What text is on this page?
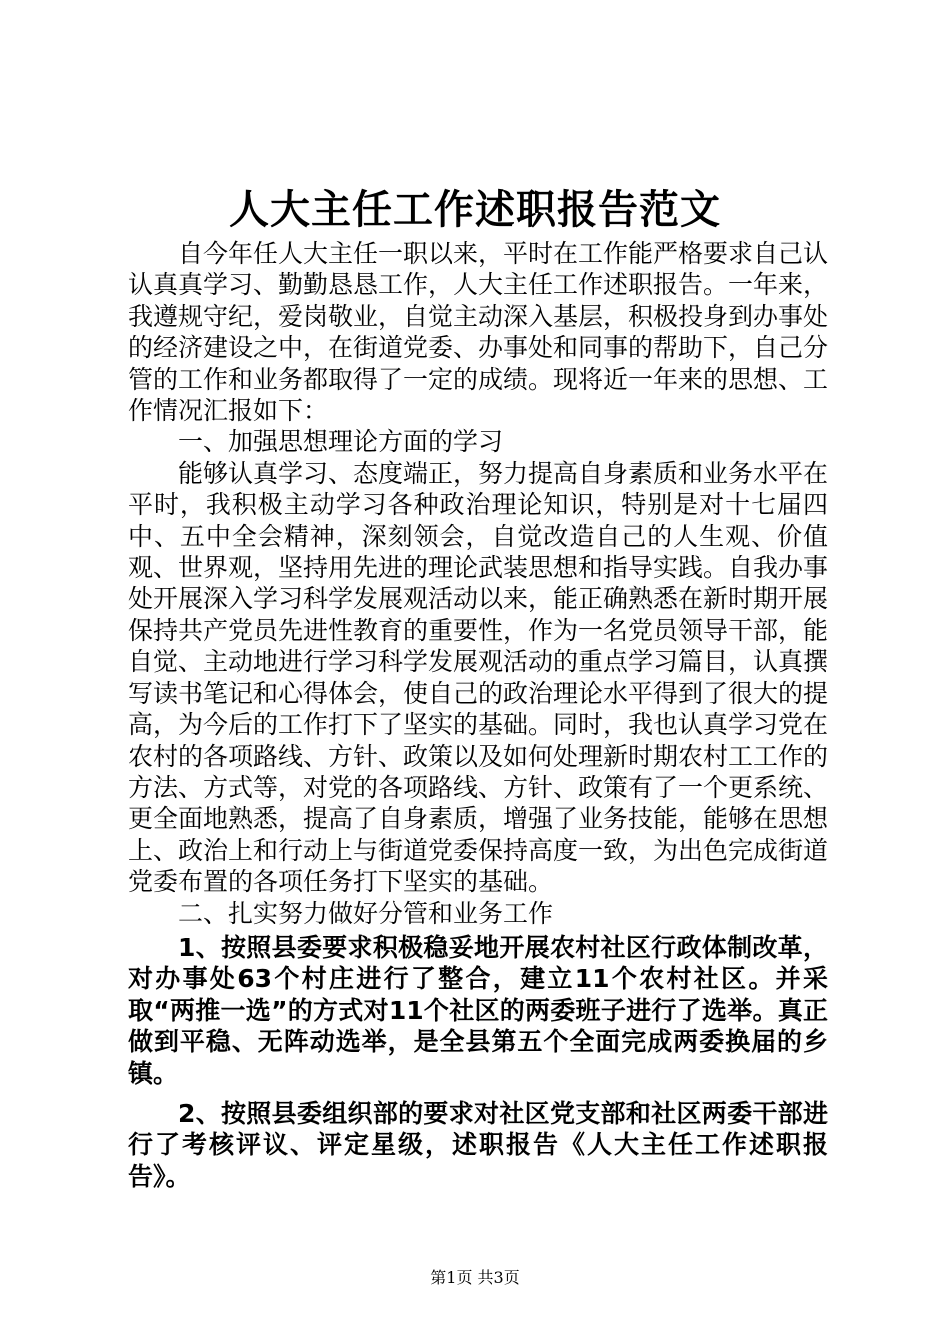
人大主任工作述职报告范文

自今年任人大主任一职以来，平时在工作能严格要求自己认认真真学习、勤勤恳恳工作，人大主任工作述职报告。一年来，我遵规守纪，爱岗敬业，自觉主动深入基层，积极投身到办事处的经济建设之中，在街道党委、办事处和同事的帮助下，自己分管的工作和业务都取得了一定的成绩。现将近一年来的思想、工作情况汇报如下：

一、加强思想理论方面的学习

能够认真学习、态度端正，努力提高自身素质和业务水平在平时，我积极主动学习各种政治理论知识，特别是对十七届四中、五中全会精神，深刻领会，自觉改造自己的人生观、价值观、世界观，坚持用先进的理论武装思想和指导实践。自我办事处开展深入学习科学发展观活动以来，能正确熟悉在新时期开展保持共产党员先进性教育的重要性，作为一名党员领导干部，能自觉、主动地进行学习科学发展观活动的重点学习篇目，认真撰写读书笔记和心得体会，使自己的政治理论水平得到了很大的提高，为今后的工作打下了坚实的基础。同时，我也认真学习党在农村的各项路线、方针、政策以及如何处理新时期农村工工作的方法、方式等，对党的各项路线、方针、政策有了一个更系统、更全面地熟悉，提高了自身素质，增强了业务技能，能够在思想上、政治上和行动上与街道党委保持高度一致，为出色完成街道党委布置的各项任务打下坚实的基础。

二、扎实努力做好分管和业务工作

1、按照县委要求积极稳妥地开展农村社区行政体制改革，对办事处63个村庄进行了整合，建立11个农村社区。并采取“两推一选”的方式对11个社区的两委班子进行了选举。真正做到平稳、无阵动选举，是全县第五个全面完成两委换届的乡镇。

2、按照县委组织部的要求对社区党支部和社区两委干部进行了考核评议、评定星级，述职报告《人大主任工作述职报告》。

第1页 共3页
